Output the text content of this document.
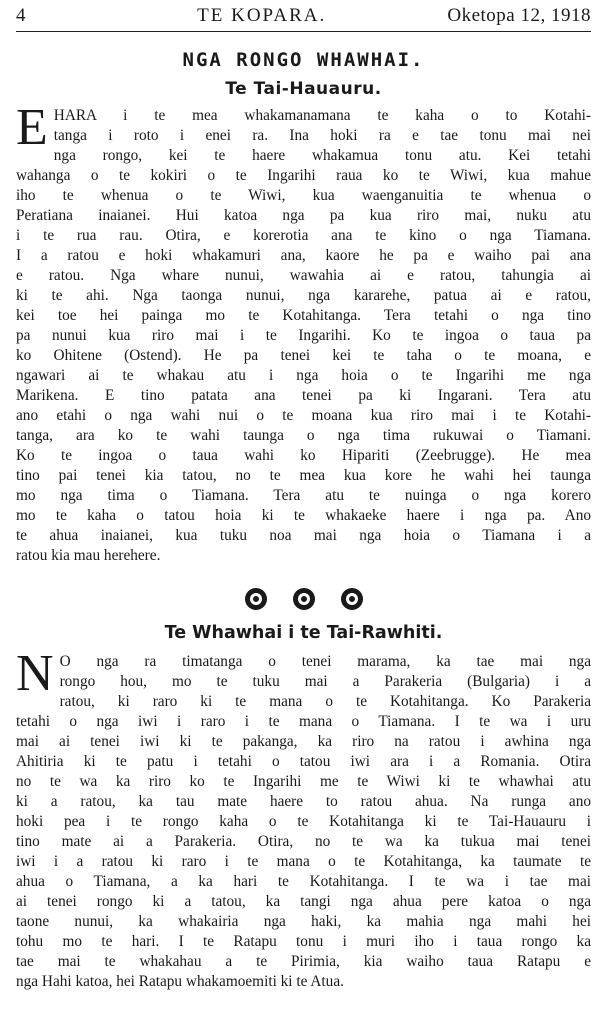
4	TE KOPARA.	Oketopa 12, 1918
NGA RONGO WHAWHAI.
Te Tai-Hauauru.
E HARA i te mea whakamanamana te kaha o to Kotahi-
tanga i roto i enei ra. Ina hoki ra e tae tonu mai nei
nga rongo, kei te haere whakamua tonu atu. Kei tetahi
wahanga o te kokiri o te Ingarihi raua ko te Wiwi, kua mahue
iho te whenua o te Wiwi, kua waenganuitia te whenua o
Peratiana inaianei. Hui katoa nga pa kua riro mai, nuku atu
i te rua rau. Otira, e korerotia ana te kino o nga Tiamana.
I a ratou e hoki whakamuri ana, kaore he pa e waiho pai ana
e ratou. Nga whare nunui, wawahia ai e ratou, tahungia ai
ki te ahi. Nga taonga nunui, nga kararehe, patua ai e ratou,
kei toe hei painga mo te Kotahitanga. Tera tetahi o nga tino
pa nunui kua riro mai i te Ingarihi. Ko te ingoa o taua pa
ko Ohitene (Ostend). He pa tenei kei te taha o te moana, e
ngawari ai te whakau atu i nga hoia o te Ingarihi me nga
Marikena. E tino patata ana tenei pa ki Ingarani. Tera atu
ano etahi o nga wahi nui o te moana kua riro mai i te Kotahi-
tanga, ara ko te wahi taunga o nga tima rukuwai o Tiamani.
Ko te ingoa o taua wahi ko Hipariti (Zeebrugge). He mea
tino pai tenei kia tatou, no te mea kua kore he wahi hei taunga
mo nga tima o Tiamana. Tera atu te nuinga o nga korero
mo te kaha o tatou hoia ki te whakaeke haere i nga pa. Ano
te ahua inaianei, kua tuku noa mai nga hoia o Tiamana i a
ratou kia mau herehere.
Te Whawhai i te Tai-Rawhiti.
N O nga ra timatanga o tenei marama, ka tae mai nga
rongo hou, mo te tuku mai a Parakeria (Bulgaria) i a
ratou, ki raro ki te mana o te Kotahitanga. Ko Parakeria
tetahi o nga iwi i raro i te mana o Tiamana. I te wa i uru
mai ai tenei iwi ki te pakanga, ka riro na ratou i awhina nga
Ahitiria ki te patu i tetahi o tatou iwi ara i a Romania. Otira
no te wa ka riro ko te Ingarihi me te Wiwi ki te whawhai atu
ki a ratou, ka tau mate haere to ratou ahua. Na runga ano
hoki pea i te rongo kaha o te Kotahitanga ki te Tai-Hauauru i
tino mate ai a Parakeria. Otira, no te wa ka tukua mai tenei
iwi i a ratou ki raro i te mana o te Kotahitanga, ka taumate te
ahua o Tiamana, a ka hari te Kotahitanga. I te wa i tae mai
ai tenei rongo ki a tatou, ka tangi nga ahua pere katoa o nga
taone nunui, ka whakairia nga haki, ka mahia nga mahi hei
tohu mo te hari. I te Ratapu tonu i muri iho i taua rongo ka
tae mai te whakahau a te Pirimia, kia waiho taua Ratapu e
nga Hahi katoa, hei Ratapu whakamoemiti ki te Atua.
